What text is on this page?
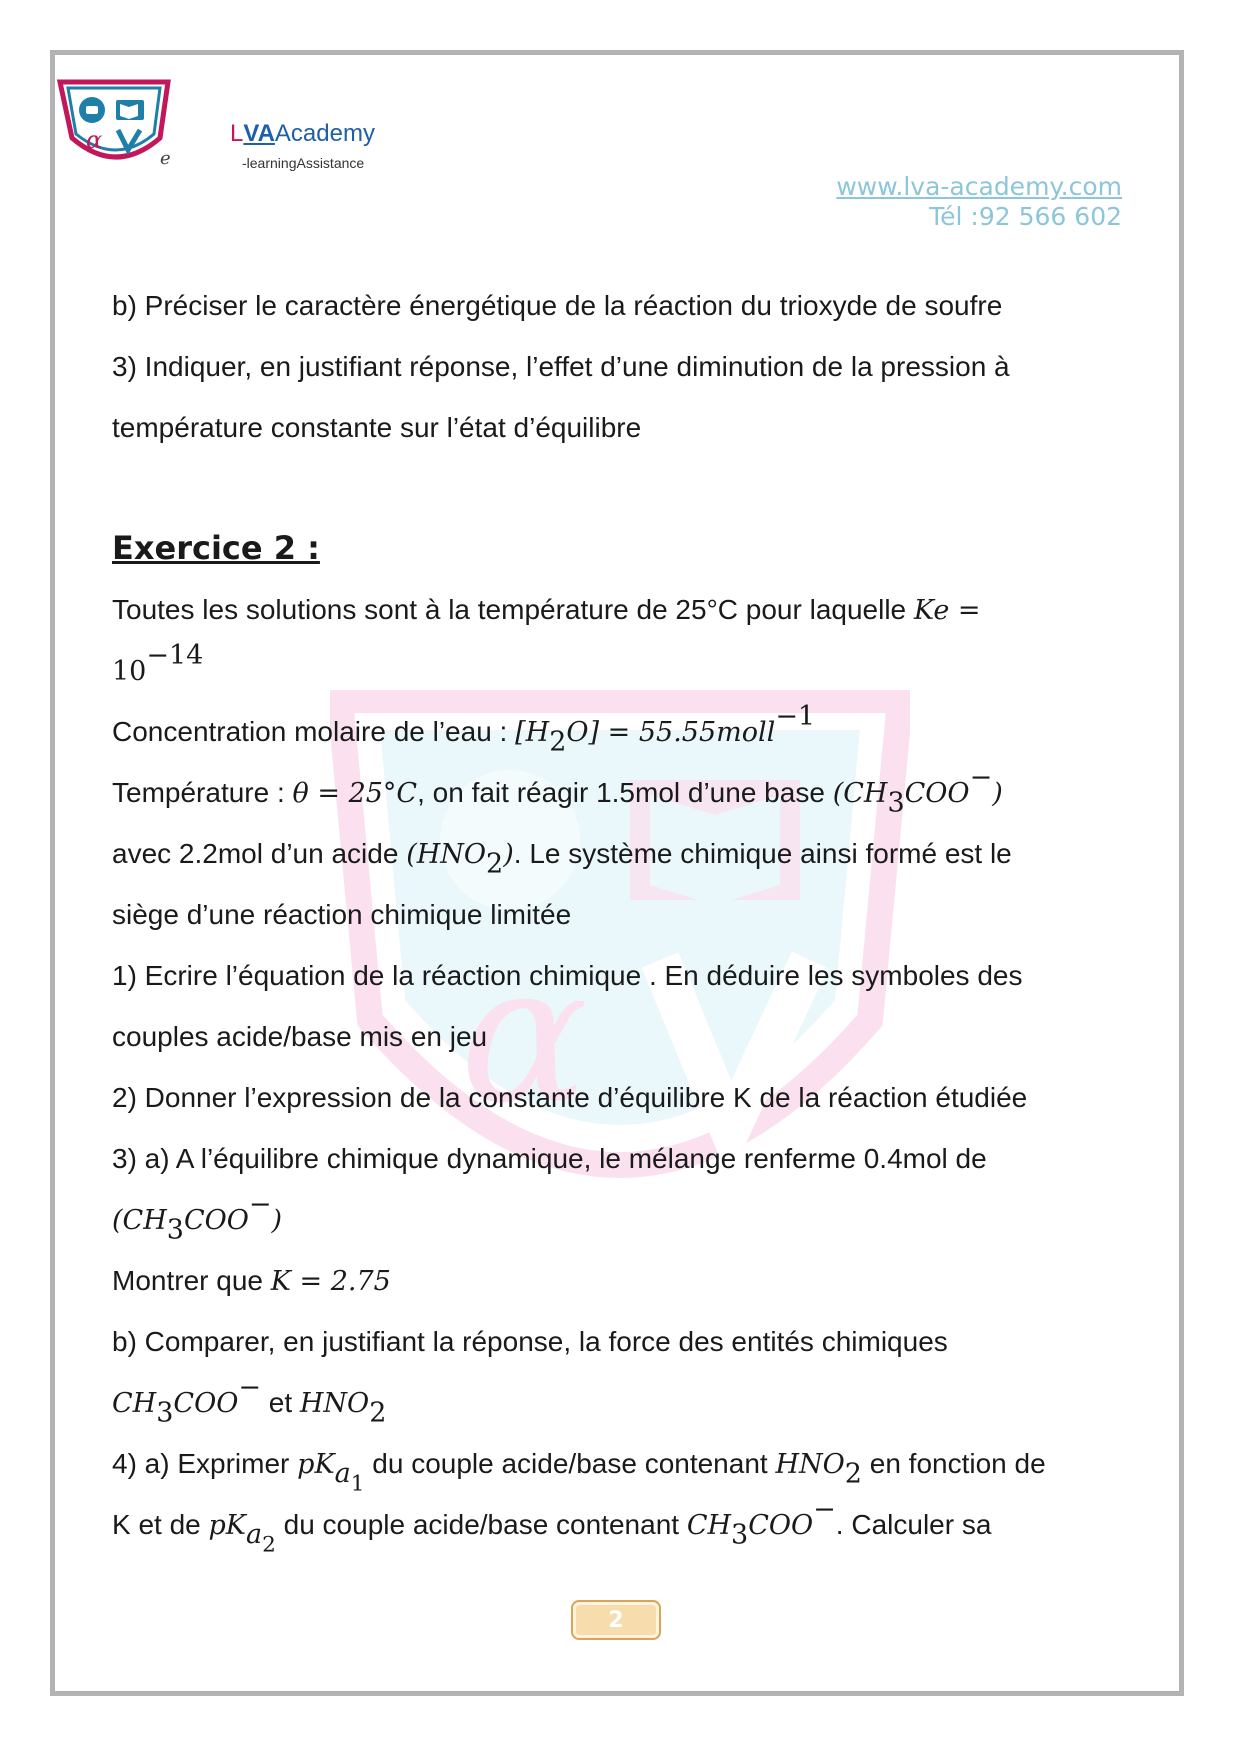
α
e
LVAAcademy
-learningAssistance
www.lva-academy.com
Tél :92 566 602
α
b) Préciser le caractère énergétique de la réaction du trioxyde de soufre
3) Indiquer, en justifiant réponse, l’effet d’une diminution de la pression à
température constante sur l’état d’équilibre
Exercice 2 :
Toutes les solutions sont à la température de 25°C pour laquelle Ke =
$10^{-14}$
Concentration molaire de l’eau : $[H_2O]$ = 55.55moll$^{-1}$
Température : θ = 25°C, on fait réagir 1.5mol d’une base $(CH_3COO^-)$
avec 2.2mol d’un acide $(HNO_2)$. Le système chimique ainsi formé est le
siège d’une réaction chimique limitée
1) Ecrire l’équation de la réaction chimique . En déduire les symboles des
couples acide/base mis en jeu
2) Donner l’expression de la constante d’équilibre K de la réaction étudiée
3) a) A l’équilibre chimique dynamique, le mélange renferme 0.4mol de
$(CH_3COO^-)$
Montrer que K = 2.75
b) Comparer, en justifiant la réponse, la force des entités chimiques
$CH_3COO^-$ et $HNO_2$
4) a) Exprimer $pK_{a_1}$ du couple acide/base contenant $HNO_2$ en fonction de
K et de $pK_{a_2}$ du couple acide/base contenant $CH_3COO^-$. Calculer sa
2
